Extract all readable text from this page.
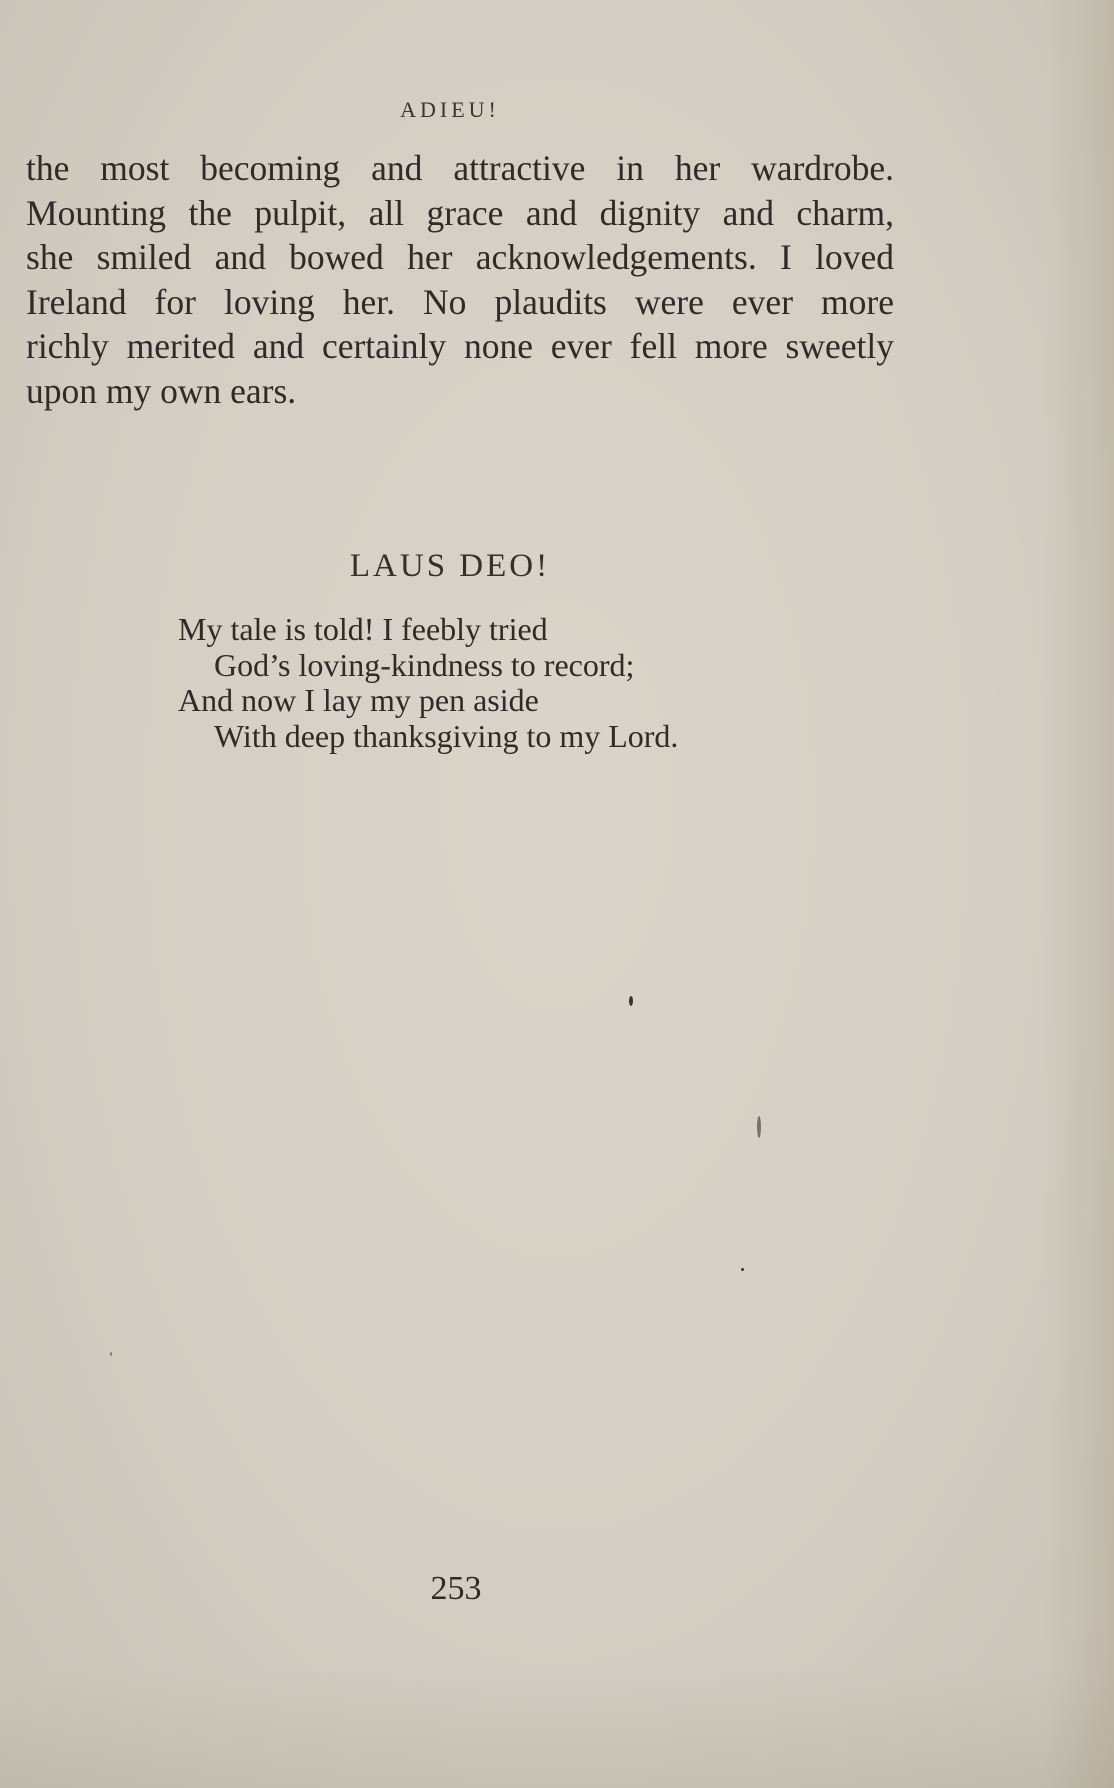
ADIEU!

the most becoming and attractive in her wardrobe.
Mounting the pulpit, all grace and dignity and charm,
she smiled and bowed her acknowledgements. I loved
Ireland for loving her. No plaudits were ever more
richly merited and certainly none ever fell more sweetly
upon my own ears.

LAUS DEO!
My tale is told! I feebly tried
God’s loving-kindness to record;
And now I lay my pen aside
With deep thanksgiving to my Lord.
253
